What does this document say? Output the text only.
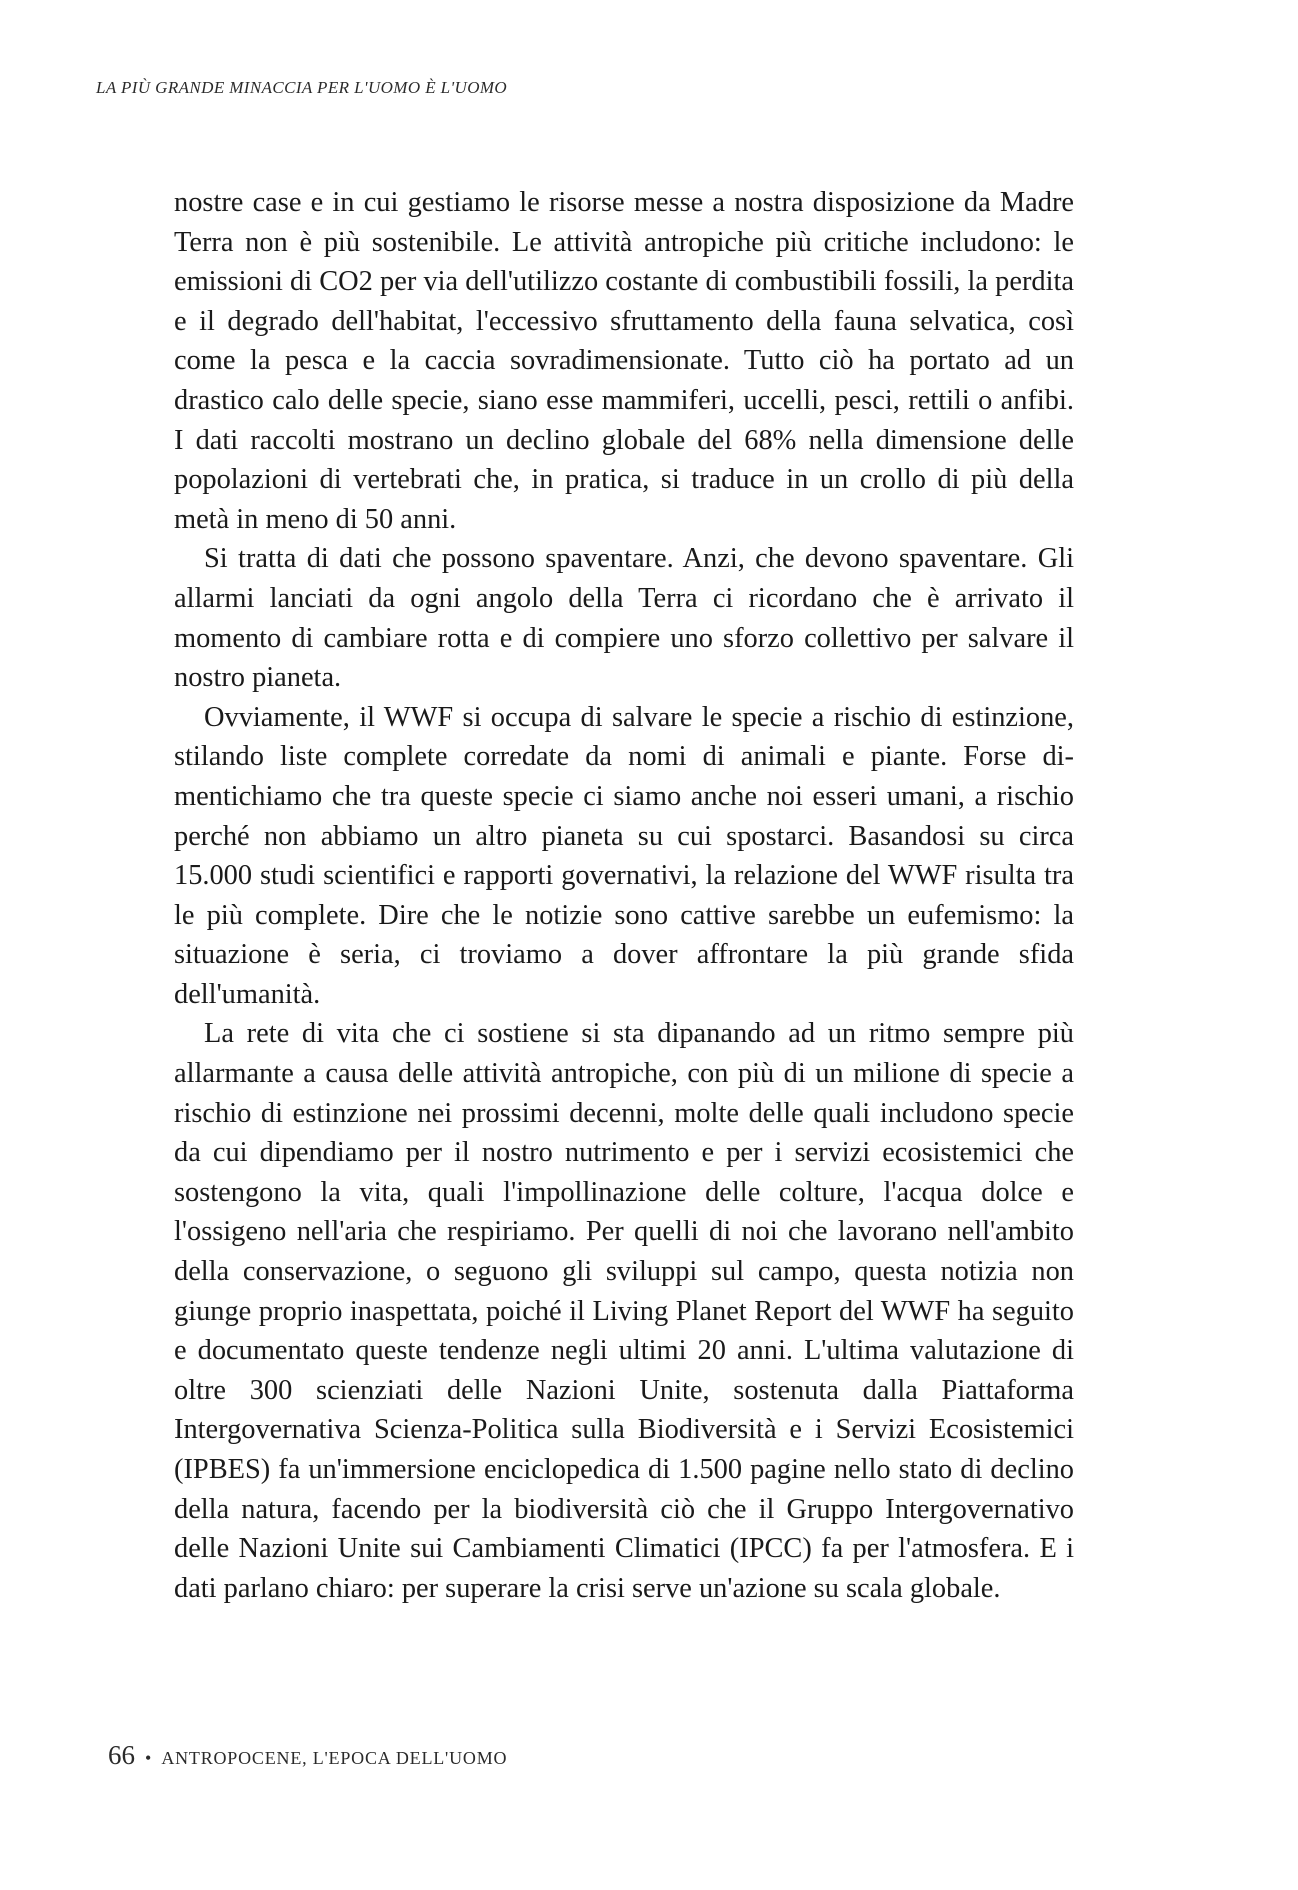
LA PIÙ GRANDE MINACCIA PER L'UOMO È L'UOMO

nostre case e in cui gestiamo le risorse messe a nostra disposizione da Madre Terra non è più sostenibile. Le attività antropiche più critiche includono: le emissioni di CO2 per via dell'utilizzo costante di combustibili fossili, la perdita e il degrado dell'habitat, l'eccessivo sfruttamento della fauna selvatica, così come la pesca e la caccia sovradimensionate. Tutto ciò ha portato ad un drastico calo delle specie, siano esse mammiferi, uccelli, pesci, rettili o anfibi. I dati raccolti mostrano un declino globale del 68% nella dimensione delle popolazioni di vertebrati che, in pratica, si traduce in un crollo di più della metà in meno di 50 anni.

Si tratta di dati che possono spaventare. Anzi, che devono spaventare. Gli allarmi lanciati da ogni angolo della Terra ci ricordano che è arrivato il momento di cambiare rotta e di compiere uno sforzo collettivo per salvare il nostro pianeta.

Ovviamente, il WWF si occupa di salvare le specie a rischio di estinzione, stilando liste complete corredate da nomi di animali e piante. Forse dimentichiamo che tra queste specie ci siamo anche noi esseri umani, a rischio perché non abbiamo un altro pianeta su cui spostarci. Basandosi su circa 15.000 studi scientifici e rapporti governativi, la relazione del WWF risulta tra le più complete. Dire che le notizie sono cattive sarebbe un eufemismo: la situazione è seria, ci troviamo a dover affrontare la più grande sfida dell'umanità.

La rete di vita che ci sostiene si sta dipanando ad un ritmo sempre più allarmante a causa delle attività antropiche, con più di un milione di specie a rischio di estinzione nei prossimi decenni, molte delle quali includono specie da cui dipendiamo per il nostro nutrimento e per i servizi ecosistemici che sostengono la vita, quali l'impollinazione delle colture, l'acqua dolce e l'ossigeno nell'aria che respiriamo. Per quelli di noi che lavorano nell'ambito della conservazione, o seguono gli sviluppi sul campo, questa notizia non giunge proprio inaspettata, poiché il Living Planet Report del WWF ha seguito e documentato queste tendenze negli ultimi 20 anni. L'ultima valutazione di oltre 300 scienziati delle Nazioni Unite, sostenuta dalla Piattaforma Intergovernativa Scienza-Politica sulla Biodiversità e i Servizi Ecosistemici (IPBES) fa un'immersione enciclopedica di 1.500 pagine nello stato di declino della natura, facendo per la biodiversità ciò che il Gruppo Intergovernativo delle Nazioni Unite sui Cambiamenti Climatici (IPCC) fa per l'atmosfera. E i dati parlano chiaro: per superare la crisi serve un'azione su scala globale.

66 • ANTROPOCENE, L'EPOCA DELL'UOMO
